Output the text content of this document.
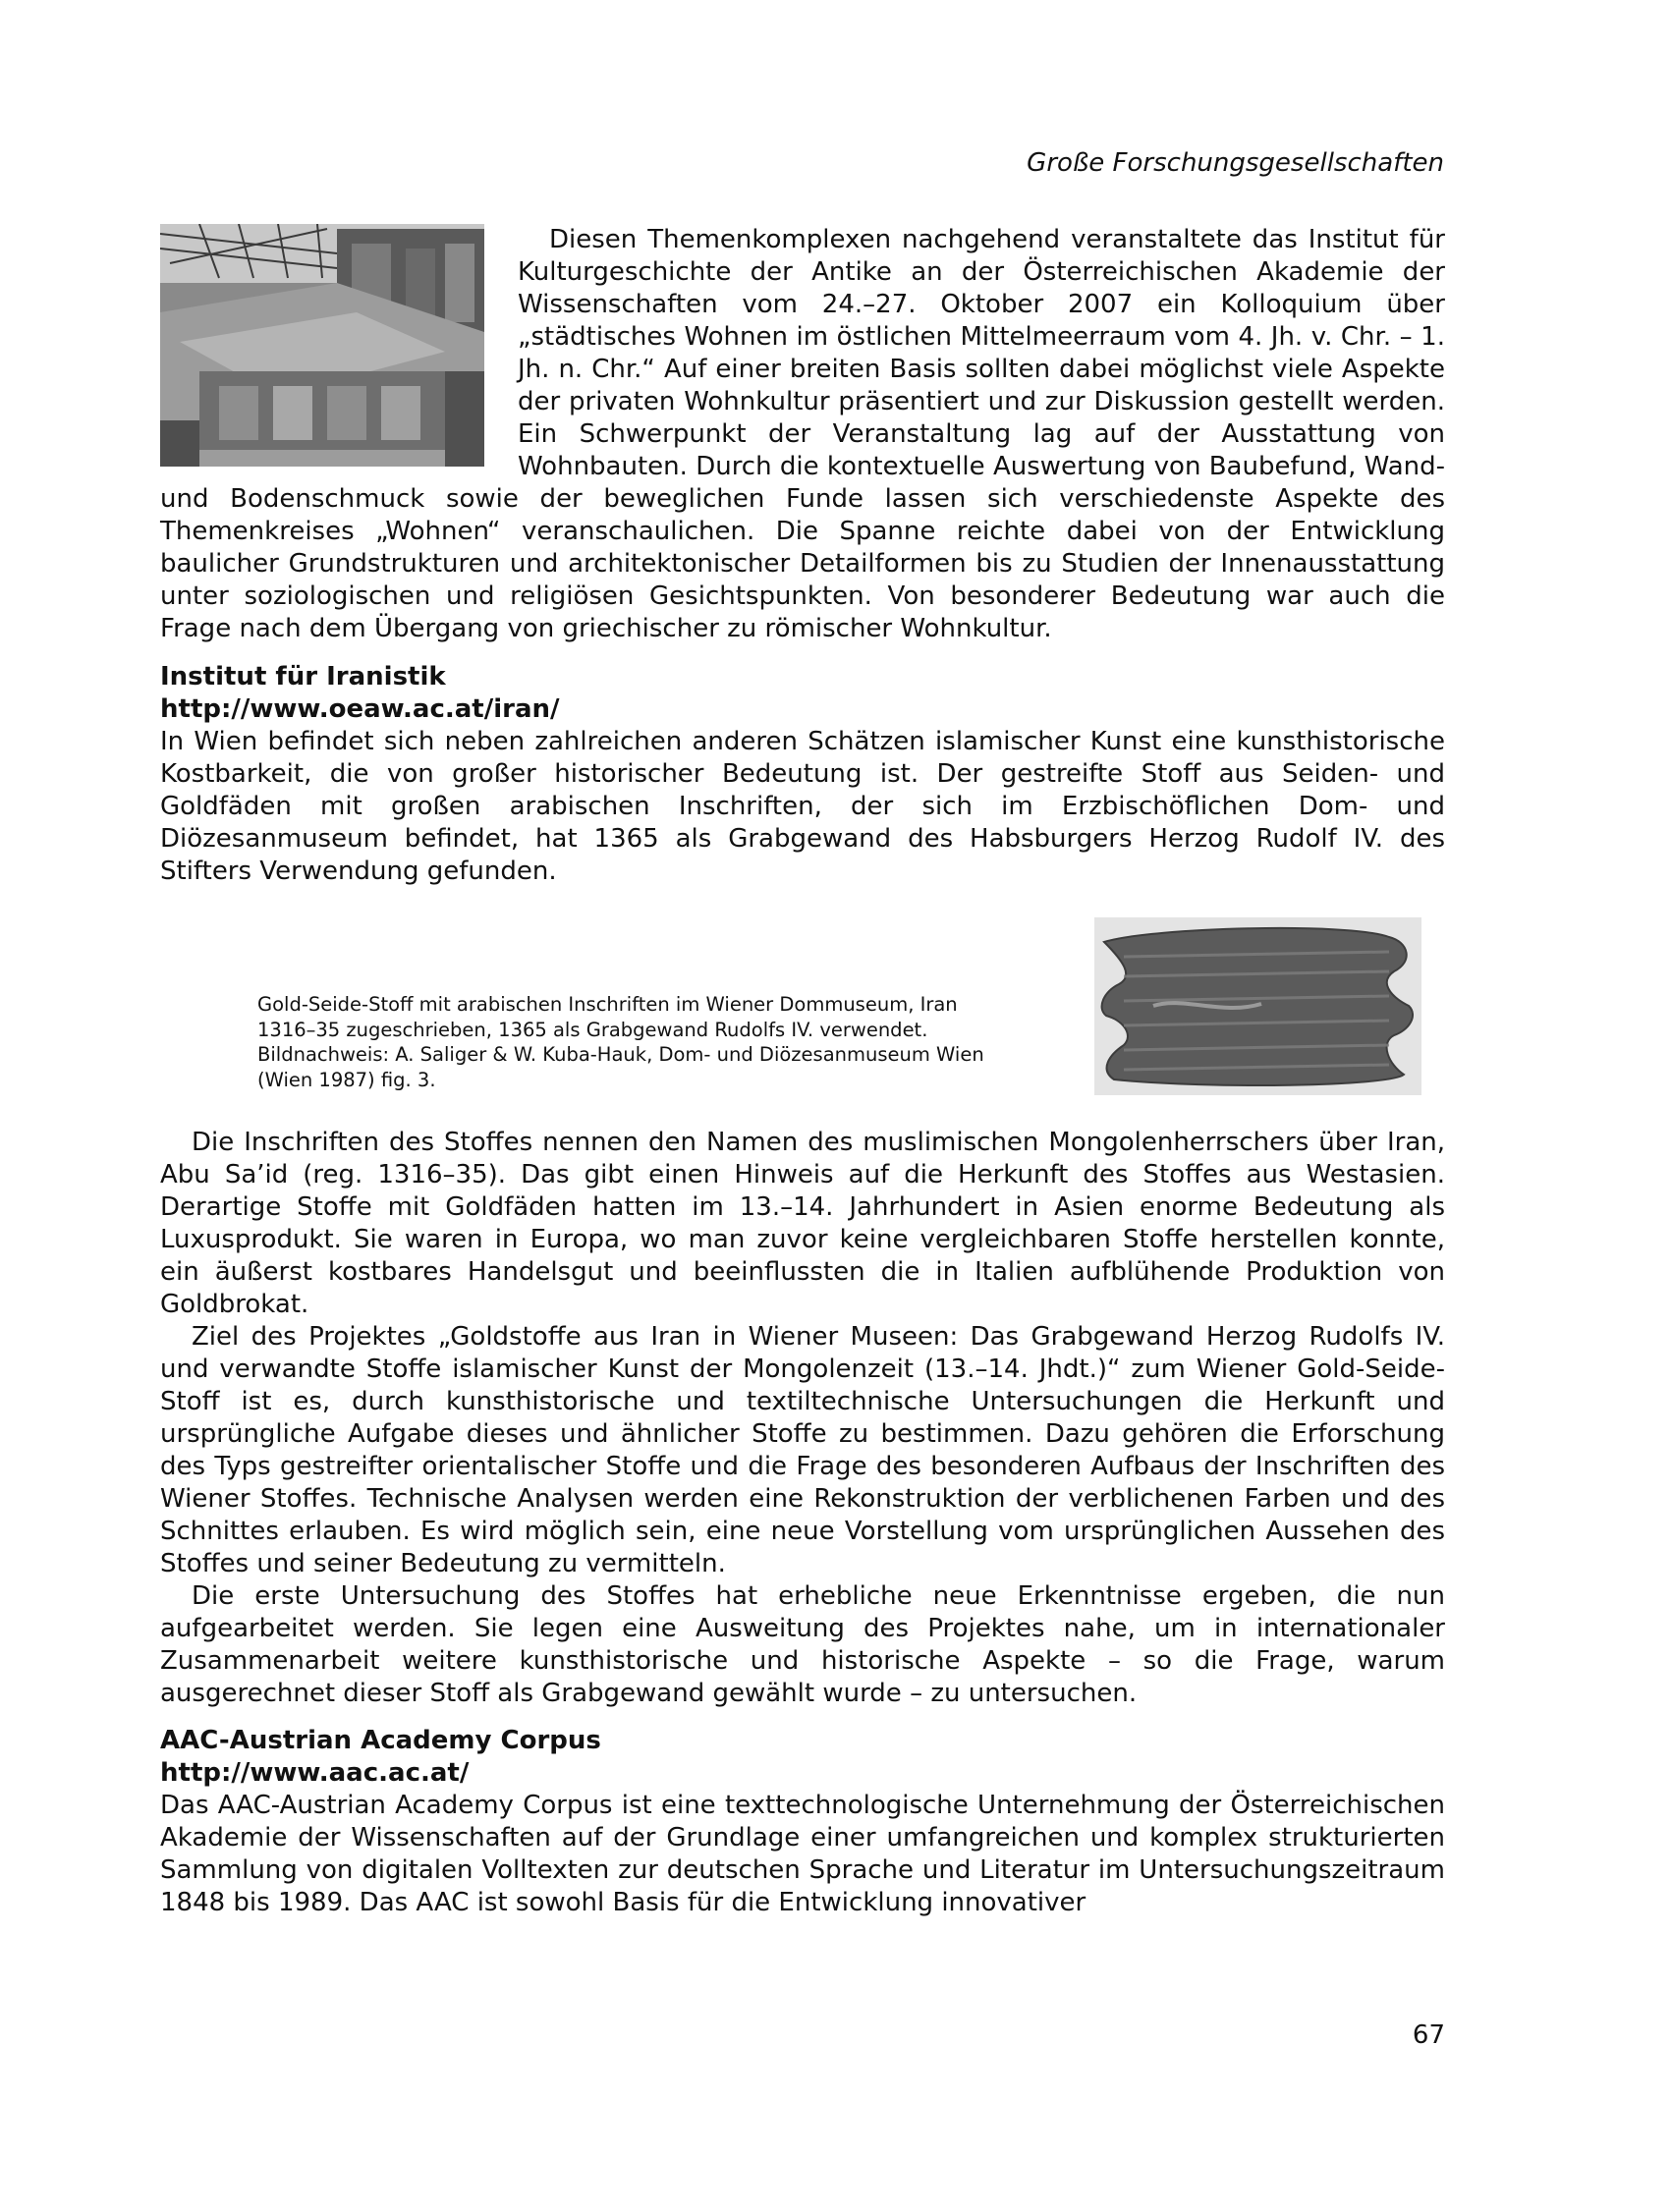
Große Forschungsgesellschaften

Diesen Themenkomplexen nachgehend veranstaltete das Institut für Kulturgeschichte der Antike an der Österreichischen Akademie der Wissenschaften vom 24.–27. Oktober 2007 ein Kolloquium über „städtisches Wohnen im östlichen Mittelmeerraum vom 4. Jh. v. Chr. – 1. Jh. n. Chr.“ Auf einer breiten Basis sollten dabei möglichst viele Aspekte der privaten Wohnkultur präsentiert und zur Diskussion gestellt werden. Ein Schwerpunkt der Veranstaltung lag auf der Ausstattung von Wohnbauten. Durch die kontextuelle Auswertung von Baubefund, Wand- und Bodenschmuck sowie der beweglichen Funde lassen sich verschiedenste Aspekte des Themenkreises „Wohnen“ veranschaulichen. Die Spanne reichte dabei von der Entwicklung baulicher Grundstrukturen und architektonischer Detailformen bis zu Studien der Innenausstattung unter soziologischen und religiösen Gesichtspunkten. Von besonderer Bedeutung war auch die Frage nach dem Übergang von griechischer zu römischer Wohnkultur.

Institut für Iranistik

http://www.oeaw.ac.at/iran/

In Wien befindet sich neben zahlreichen anderen Schätzen islamischer Kunst eine kunsthistorische Kostbarkeit, die von großer historischer Bedeutung ist. Der gestreifte Stoff aus Seiden- und Goldfäden mit großen arabischen Inschriften, der sich im Erzbischöflichen Dom- und Diözesanmuseum befindet, hat 1365 als Grabgewand des Habsburgers Herzog Rudolf IV. des Stifters Verwendung gefunden.

Gold-Seide-Stoff mit arabischen Inschriften im Wiener Dommuseum, Iran

1316–35 zugeschrieben, 1365 als Grabgewand Rudolfs IV. verwendet.

Bildnachweis: A. Saliger & W. Kuba-Hauk, Dom- und Diözesanmuseum Wien

(Wien 1987) fig. 3.

Die Inschriften des Stoffes nennen den Namen des muslimischen Mongolenherrschers über Iran, Abu Sa’id (reg. 1316–35). Das gibt einen Hinweis auf die Herkunft des Stoffes aus Westasien. Derartige Stoffe mit Goldfäden hatten im 13.–14. Jahrhundert in Asien enorme Bedeutung als Luxusprodukt. Sie waren in Europa, wo man zuvor keine vergleichbaren Stoffe herstellen konnte, ein äußerst kostbares Handelsgut und beeinflussten die in Italien aufblühende Produktion von Goldbrokat.

Ziel des Projektes „Goldstoffe aus Iran in Wiener Museen: Das Grabgewand Herzog Rudolfs IV. und verwandte Stoffe islamischer Kunst der Mongolenzeit (13.–14. Jhdt.)“ zum Wiener Gold-Seide-Stoff ist es, durch kunsthistorische und textiltechnische Untersuchungen die Herkunft und ursprüngliche Aufgabe dieses und ähnlicher Stoffe zu bestimmen. Dazu gehören die Erforschung des Typs gestreifter orientalischer Stoffe und die Frage des besonderen Aufbaus der Inschriften des Wiener Stoffes. Technische Analysen werden eine Rekonstruktion der verblichenen Farben und des Schnittes erlauben. Es wird möglich sein, eine neue Vorstellung vom ursprünglichen Aussehen des Stoffes und seiner Bedeutung zu vermitteln.

Die erste Untersuchung des Stoffes hat erhebliche neue Erkenntnisse ergeben, die nun aufgearbeitet werden. Sie legen eine Ausweitung des Projektes nahe, um in internationaler Zusammenarbeit weitere kunsthistorische und historische Aspekte – so die Frage, warum ausgerechnet dieser Stoff als Grabgewand gewählt wurde – zu untersuchen.

AAC-Austrian Academy Corpus

http://www.aac.ac.at/

Das AAC-Austrian Academy Corpus ist eine texttechnologische Unternehmung der Österreichischen Akademie der Wissenschaften auf der Grundlage einer umfangreichen und komplex strukturierten Sammlung von digitalen Volltexten zur deutschen Sprache und Literatur im Untersuchungszeitraum 1848 bis 1989. Das AAC ist sowohl Basis für die Entwicklung innovativer

67
